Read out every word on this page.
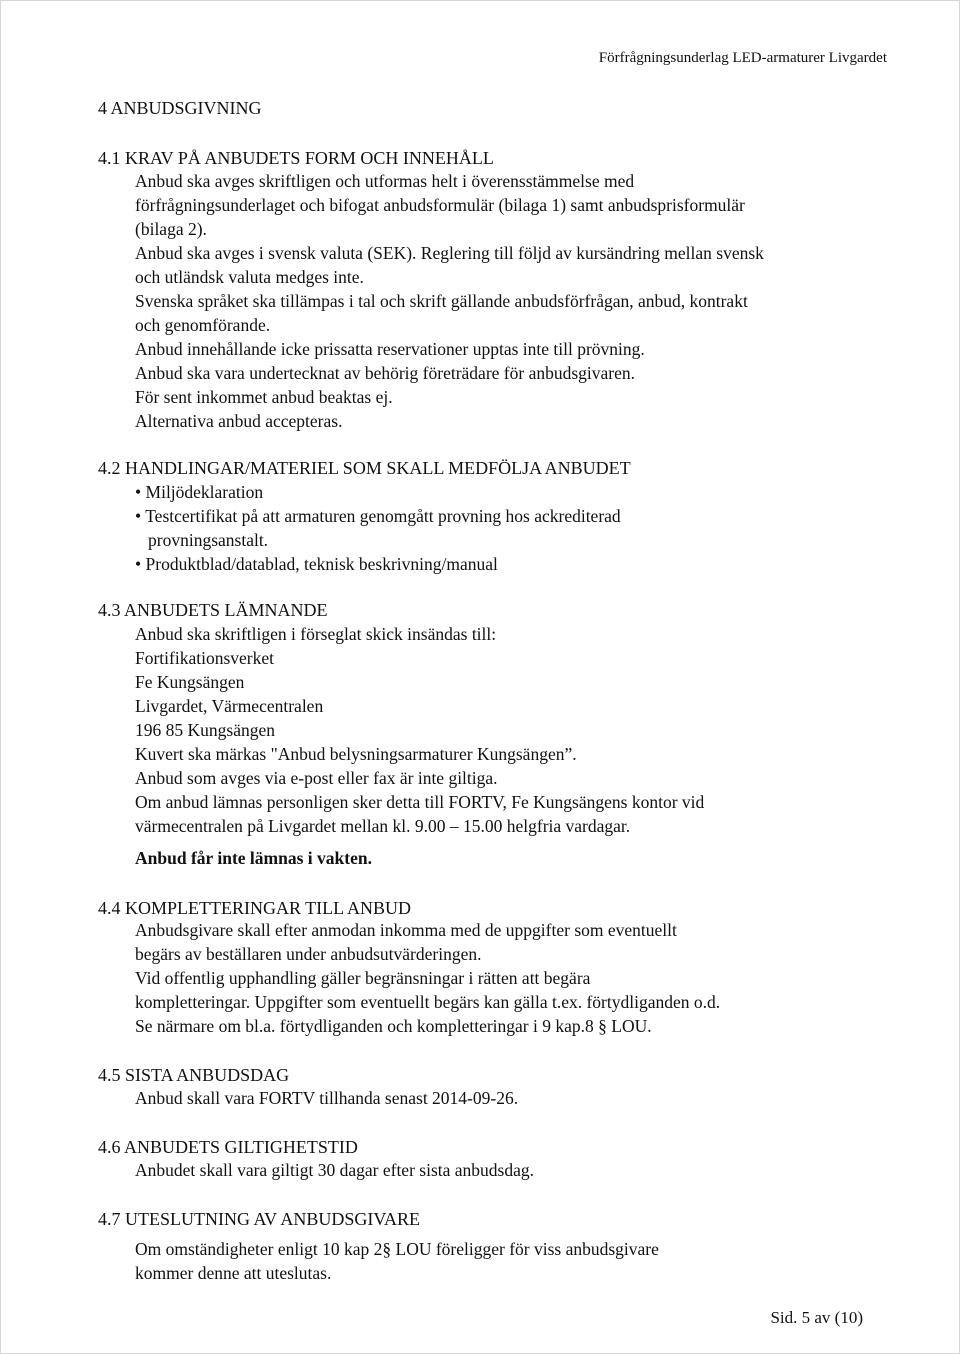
Förfrågningsunderlag LED-armaturer Livgardet
4 ANBUDSGIVNING
4.1 KRAV PÅ ANBUDETS FORM OCH INNEHÅLL
Anbud ska avges skriftligen och utformas helt i överensstämmelse med
förfrågningsunderlaget och bifogat anbudsformulär (bilaga 1) samt anbudsprisformulär
(bilaga 2).
Anbud ska avges i svensk valuta (SEK). Reglering till följd av kursändring mellan svensk
och utländsk valuta medges inte.
Svenska språket ska tillämpas i tal och skrift gällande anbudsförfrågan, anbud, kontrakt
och genomförande.
Anbud innehållande icke prissatta reservationer upptas inte till prövning.
Anbud ska vara undertecknat av behörig företrädare för anbudsgivaren.
För sent inkommet anbud beaktas ej.
Alternativa anbud accepteras.
4.2 HANDLINGAR/MATERIEL SOM SKALL MEDFÖLJA ANBUDET
• Miljödeklaration
• Testcertifikat på att armaturen genomgått provning hos ackrediterad
provningsanstalt.
• Produktblad/datablad, teknisk beskrivning/manual
4.3 ANBUDETS LÄMNANDE
Anbud ska skriftligen i förseglat skick insändas till:
Fortifikationsverket
Fe Kungsängen
Livgardet, Värmecentralen
196 85 Kungsängen
Kuvert ska märkas "Anbud belysningsarmaturer Kungsängen”.
Anbud som avges via e-post eller fax är inte giltiga.
Om anbud lämnas personligen sker detta till FORTV, Fe Kungsängens kontor vid
värmecentralen på Livgardet mellan kl. 9.00 – 15.00 helgfria vardagar.
Anbud får inte lämnas i vakten.
4.4 KOMPLETTERINGAR TILL ANBUD
Anbudsgivare skall efter anmodan inkomma med de uppgifter som eventuellt
begärs av beställaren under anbudsutvärderingen.
Vid offentlig upphandling gäller begränsningar i rätten att begära
kompletteringar. Uppgifter som eventuellt begärs kan gälla t.ex. förtydliganden o.d.
Se närmare om bl.a. förtydliganden och kompletteringar i 9 kap.8 § LOU.
4.5 SISTA ANBUDSDAG
Anbud skall vara FORTV tillhanda senast 2014-09-26.
4.6 ANBUDETS GILTIGHETSTID
Anbudet skall vara giltigt 30 dagar efter sista anbudsdag.
4.7 UTESLUTNING AV ANBUDSGIVARE
Om omständigheter enligt 10 kap 2§ LOU föreligger för viss anbudsgivare
kommer denne att uteslutas.
Sid. 5 av (10)
